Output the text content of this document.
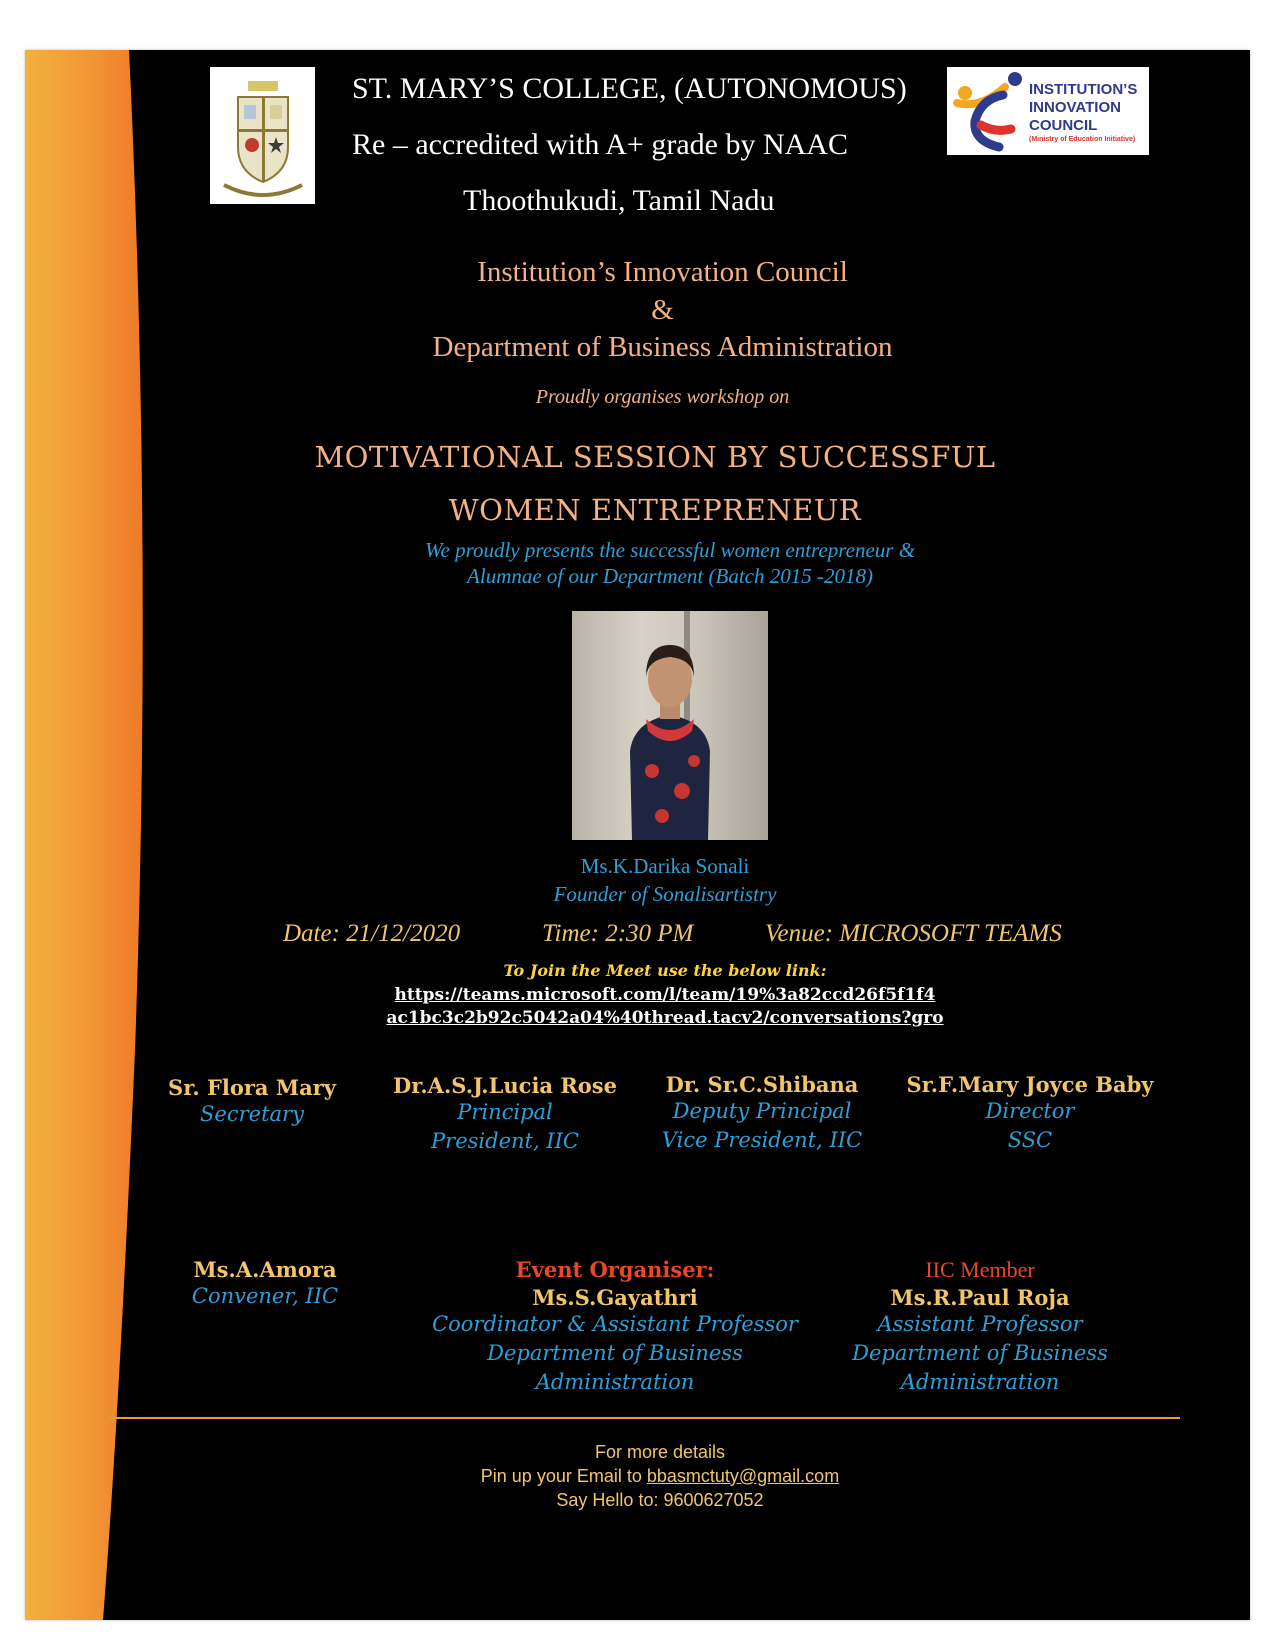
INSTITUTION’S
INNOVATION
COUNCIL
(Ministry of Education Initiative)
ST. MARY’S COLLEGE, (AUTONOMOUS)
Re – accredited with A+ grade by NAAC
Thoothukudi, Tamil Nadu
Institution’s Innovation Council
&
Department of Business Administration
Proudly organises workshop on
MOTIVATIONAL SESSION BY SUCCESSFUL
WOMEN ENTREPRENEUR
We proudly presents the successful women entrepreneur &
Alumnae of our Department (Batch 2015 -2018)
Ms.K.Darika Sonali
Founder of Sonalisartistry
Date: 21/12/2020	Time: 2:30 PM	Venue: MICROSOFT TEAMS
To Join the Meet use the below link:
https://teams.microsoft.com/l/team/19%3a82ccd26f5f1f4
ac1bc3c2b92c5042a04%40thread.tacv2/conversations?gro
Sr. Flora Mary
Secretary
Dr.A.S.J.Lucia Rose
Principal
President, IIC
Dr. Sr.C.Shibana
Deputy Principal
Vice President, IIC
Sr.F.Mary Joyce Baby
Director
SSC
Ms.A.Amora
Convener, IIC
Event Organiser:
Ms.S.Gayathri
Coordinator & Assistant Professor
Department of Business
Administration
IIC Member
Ms.R.Paul Roja
Assistant Professor
Department of Business
Administration
For more details
Pin up your Email to bbasmctuty@gmail.com
Say Hello to: 9600627052
